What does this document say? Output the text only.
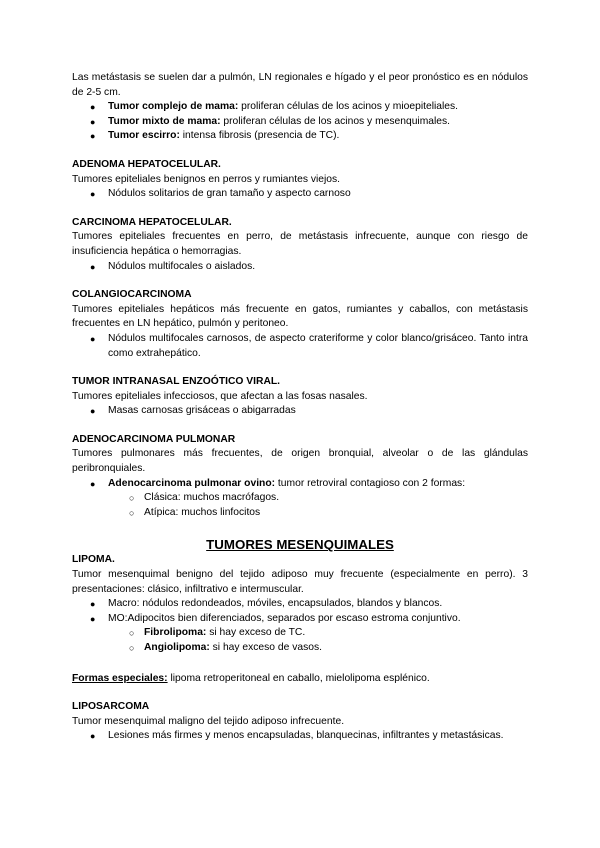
Las metástasis se suelen dar a pulmón, LN regionales e hígado y el peor pronóstico es en nódulos de 2-5 cm.

● Tumor complejo de mama: proliferan células de los acinos y mioepiteliales.
● Tumor mixto de mama: proliferan células de los acinos y mesenquimales.
● Tumor escirro: intensa fibrosis (presencia de TC).

ADENOMA HEPATOCELULAR.

Tumores epiteliales benignos en perros y rumiantes viejos.

● Nódulos solitarios de gran tamaño y aspecto carnoso

CARCINOMA HEPATOCELULAR.

Tumores epiteliales frecuentes en perro, de metástasis infrecuente, aunque con riesgo de insuficiencia hepática o hemorragias.

● Nódulos multifocales o aislados.

COLANGIOCARCINOMA

Tumores epiteliales hepáticos más frecuente en gatos, rumiantes y caballos, con metástasis frecuentes en LN hepático, pulmón y peritoneo.

● Nódulos multifocales carnosos, de aspecto crateriforme y color blanco/grisáceo. Tanto intra como extrahepático.

TUMOR INTRANASAL ENZOÓTICO VIRAL.

Tumores epiteliales infecciosos, que afectan a las fosas nasales.

● Masas carnosas grisáceas o abigarradas

ADENOCARCINOMA PULMONAR

Tumores pulmonares más frecuentes, de origen bronquial, alveolar o de las glándulas peribronquiales.

● Adenocarcinoma pulmonar ovino: tumor retroviral contagioso con 2 formas:
○ Clásica: muchos macrófagos.
○ Atípica: muchos linfocitos

TUMORES MESENQUIMALES

LIPOMA.

Tumor mesenquimal benigno del tejido adiposo muy frecuente (especialmente en perro). 3 presentaciones: clásico, infiltrativo e intermuscular.

● Macro: nódulos redondeados, móviles, encapsulados, blandos y blancos.
● MO:Adipocitos bien diferenciados, separados por escaso estroma conjuntivo.
○ Fibrolipoma: si hay exceso de TC.
○ Angiolipoma: si hay exceso de vasos.

Formas especiales: lipoma retroperitoneal en caballo, mielolipoma esplénico.

LIPOSARCOMA

Tumor mesenquimal maligno del tejido adiposo infrecuente.

● Lesiones más firmes y menos encapsuladas, blanquecinas, infiltrantes y metastásicas.
